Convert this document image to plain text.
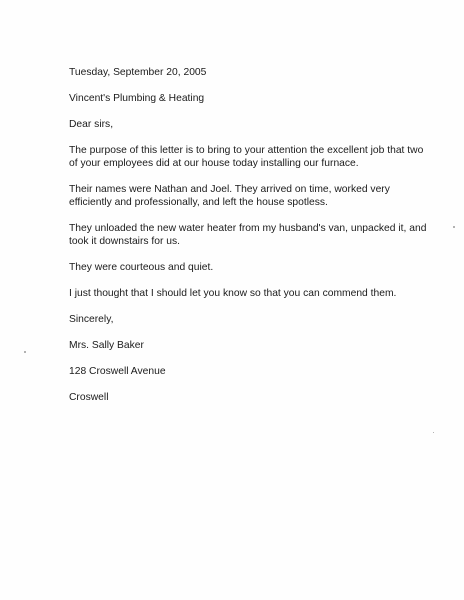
Tuesday, September 20, 2005
Vincent's Plumbing & Heating
Dear sirs,
The purpose of this letter is to bring to your attention the excellent job that two of your employees did at our house today installing our furnace.
Their names were Nathan and Joel. They arrived on time, worked very efficiently and professionally, and left the house spotless.
They unloaded the new water heater from my husband's van, unpacked it, and took it downstairs for us.
They were courteous and quiet.
I just thought that I should let you know so that you can commend them.
Sincerely,
Mrs. Sally Baker
128 Croswell Avenue
Croswell
